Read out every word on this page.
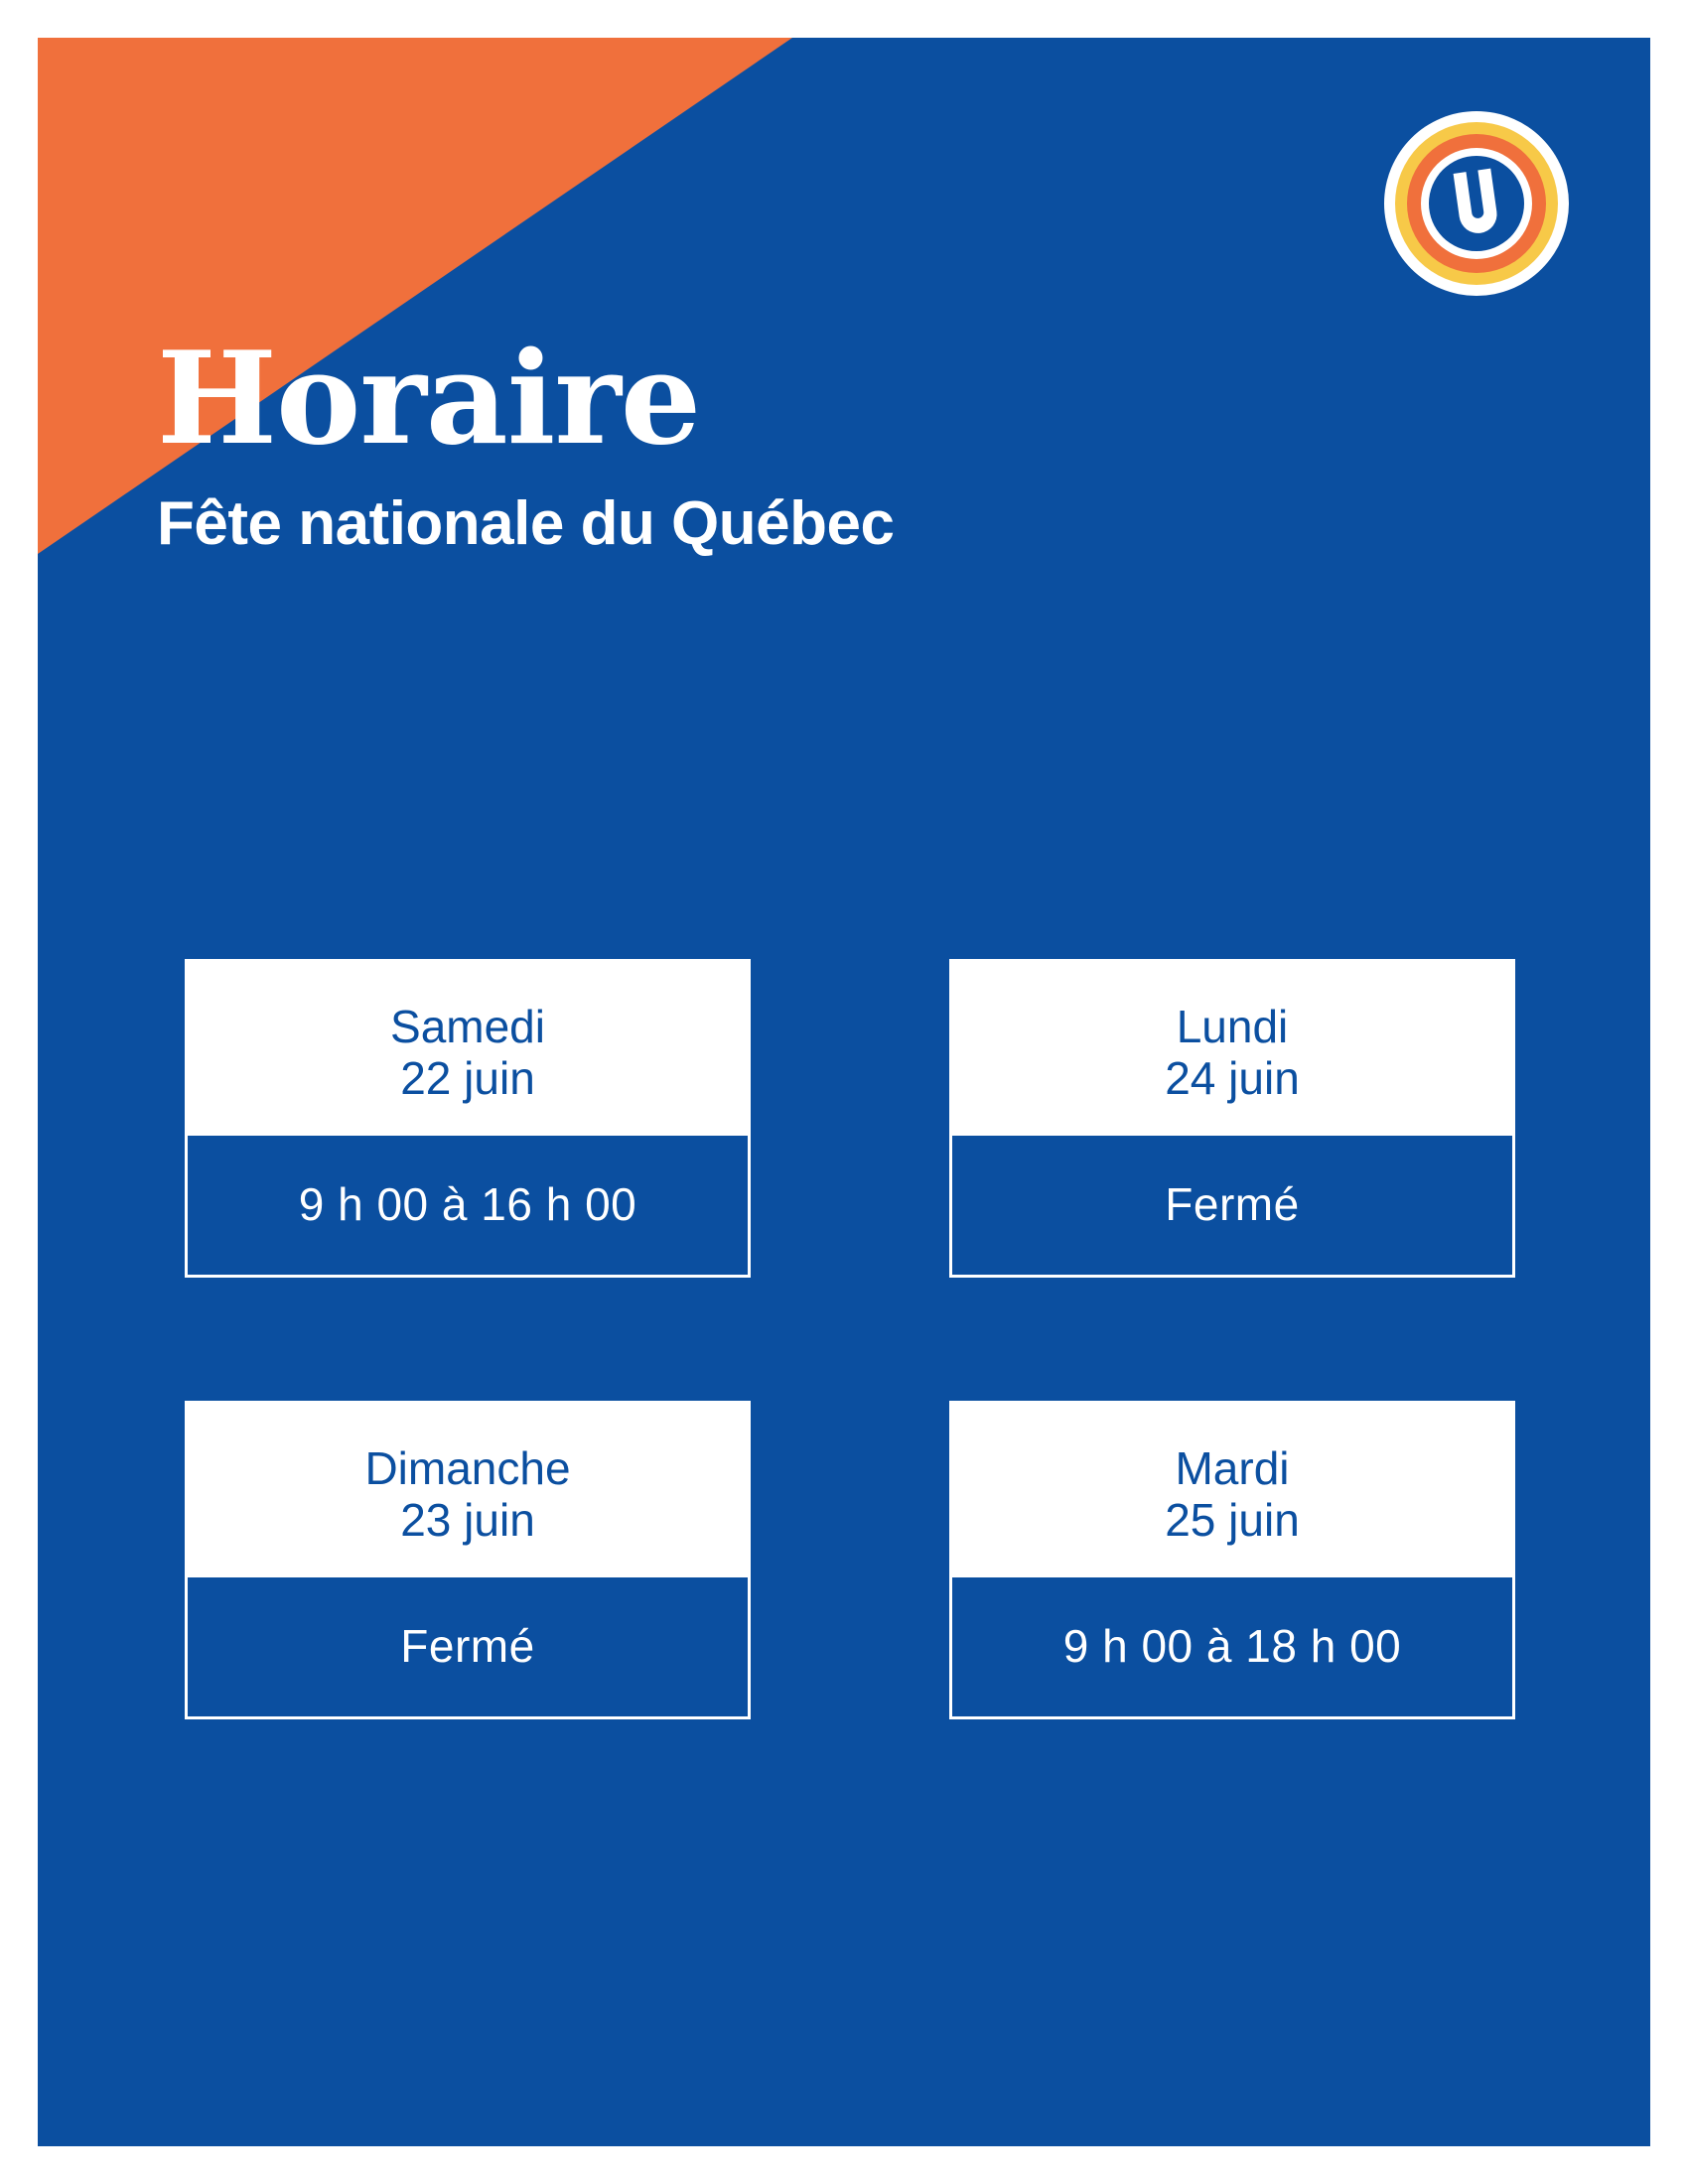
Horaire
Fête nationale du Québec
Samedi
22 juin
9 h 00 à 16 h 00
Lundi
24 juin
Fermé
Dimanche
23 juin
Fermé
Mardi
25 juin
9 h 00 à 18 h 00
